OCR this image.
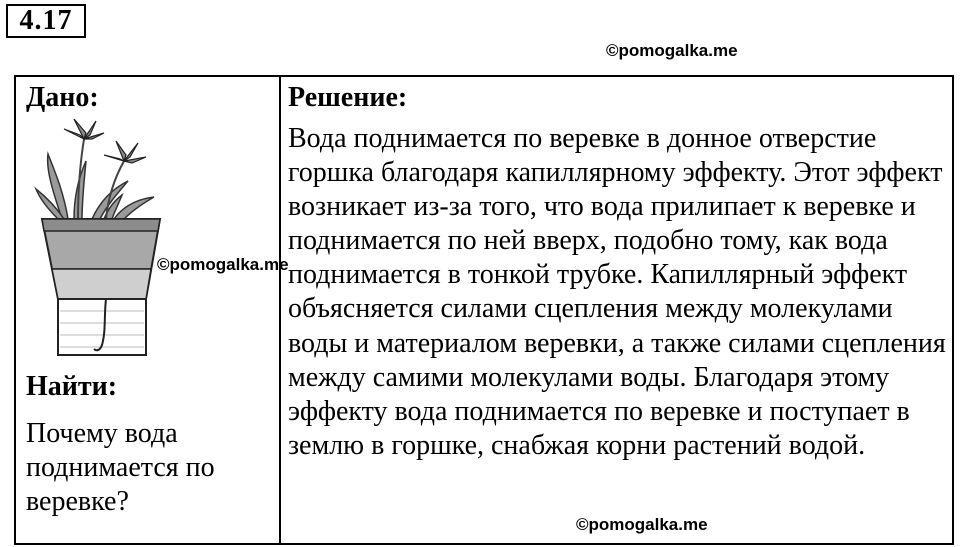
4.17
©pomogalka.me
Дано:
Найти:
Почему вода поднимается по веревке?
Решение:
Вода поднимается по веревке в донное отверстие горшка благодаря капиллярному эффекту. Этот эффект возникает из-за того, что вода прилипает к веревке и поднимается по ней вверх, подобно тому, как вода поднимается в тонкой трубке. Капиллярный эффект объясняется силами сцепления между молекулами воды и материалом веревки, а также силами сцепления между самими молекулами воды. Благодаря этому эффекту вода поднимается по веревке и поступает в землю в горшке, снабжая корни растений водой.
©pomogalka.me
©pomogalka.me
